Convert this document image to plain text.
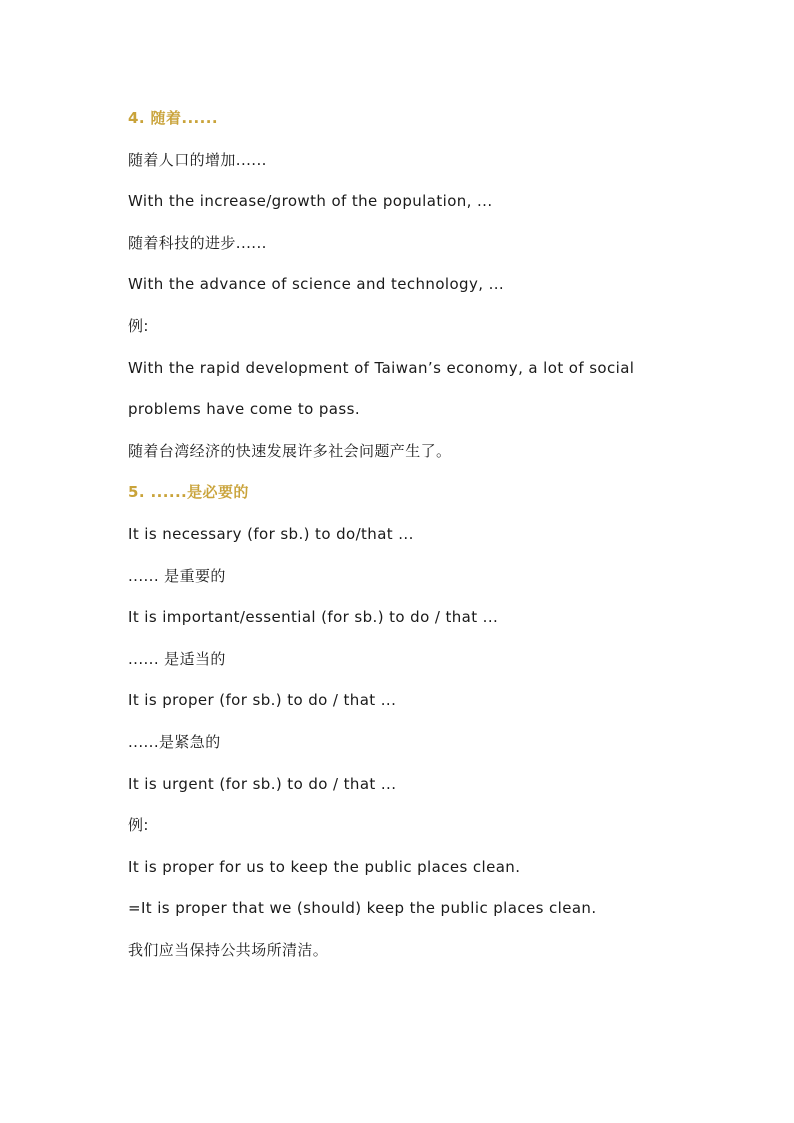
4. 随着......
随着人口的增加......
With the increase/growth of the population, ...
随着科技的进步......
With the advance of science and technology, ...
例:
With the rapid development of Taiwan’s economy, a lot of social
problems have come to pass.
随着台湾经济的快速发展许多社会问题产生了。
5. ......是必要的
It is necessary (for sb.) to do/that ...
...... 是重要的
It is important/essential (for sb.) to do / that ...
...... 是适当的
It is proper (for sb.) to do / that ...
......是紧急的
It is urgent (for sb.) to do / that ...
例:
It is proper for us to keep the public places clean.
=It is proper that we (should) keep the public places clean.
我们应当保持公共场所清洁。
